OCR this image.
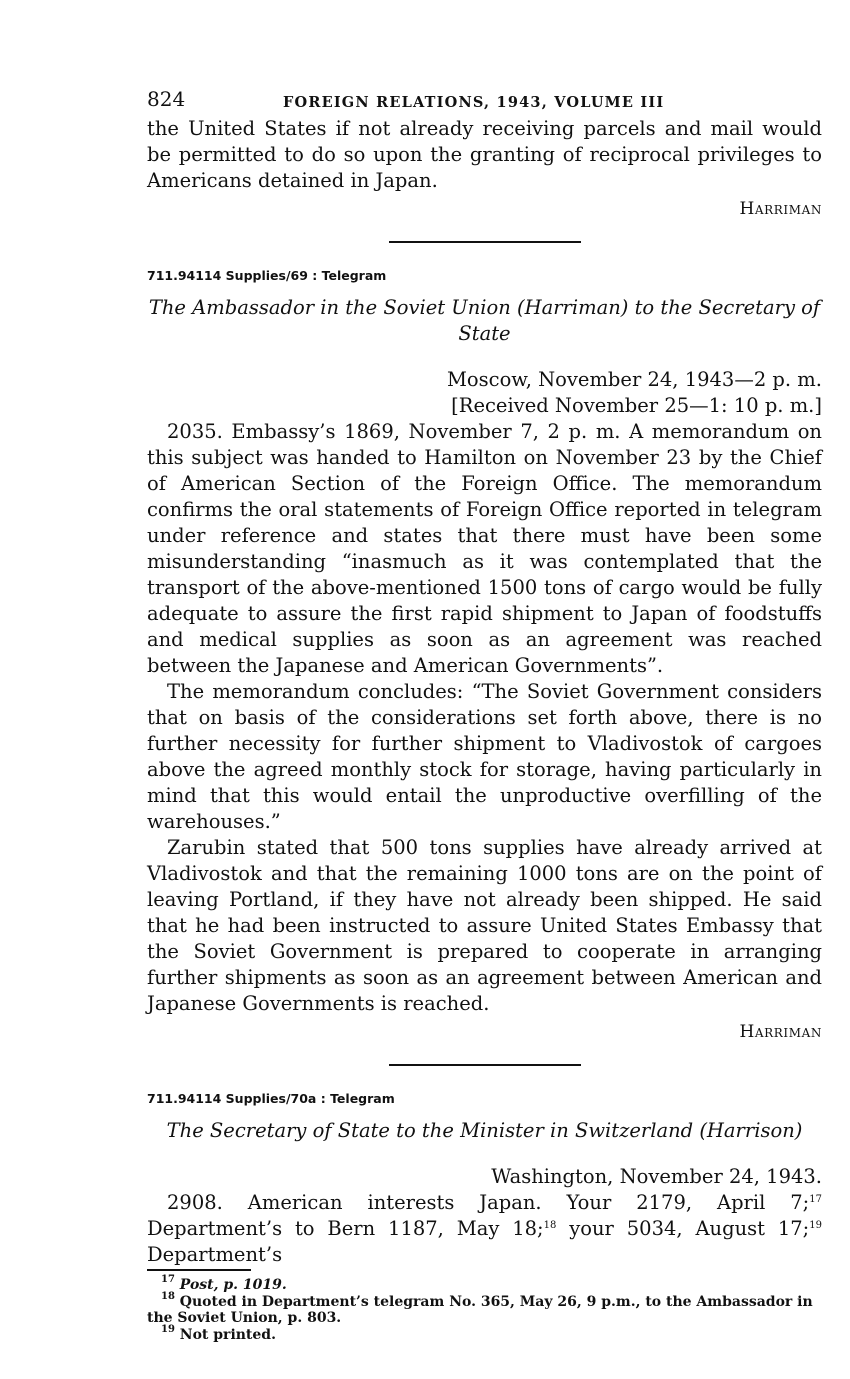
824	FOREIGN RELATIONS, 1943, VOLUME III

the United States if not already receiving parcels and mail would be permitted to do so upon the granting of reciprocal privileges to Americans detained in Japan.

Harriman
711.94114 Supplies/69 : Telegram
The Ambassador in the Soviet Union (Harriman) to the Secretary of State
Moscow, November 24, 1943—2 p. m.
[Received November 25—1: 10 p. m.]

2035. Embassy’s 1869, November 7, 2 p. m. A memorandum on this subject was handed to Hamilton on November 23 by the Chief of American Section of the Foreign Office. The memorandum confirms the oral statements of Foreign Office reported in telegram under reference and states that there must have been some misunderstanding “inasmuch as it was contemplated that the transport of the above-mentioned 1500 tons of cargo would be fully adequate to assure the first rapid shipment to Japan of foodstuffs and medical supplies as soon as an agreement was reached between the Japanese and American Governments”.

The memorandum concludes: “The Soviet Government considers that on basis of the considerations set forth above, there is no further necessity for further shipment to Vladivostok of cargoes above the agreed monthly stock for storage, having particularly in mind that this would entail the unproductive overfilling of the warehouses.”

Zarubin stated that 500 tons supplies have already arrived at Vladivostok and that the remaining 1000 tons are on the point of leaving Portland, if they have not already been shipped. He said that he had been instructed to assure United States Embassy that the Soviet Government is prepared to cooperate in arranging further shipments as soon as an agreement between American and Japanese Governments is reached.

Harriman
711.94114 Supplies/70a : Telegram
The Secretary of State to the Minister in Switzerland (Harrison)
Washington, November 24, 1943.

2908. American interests Japan. Your 2179, April 7;$^{17}$ Department’s to Bern 1187, May 18;$^{18}$ your 5034, August 17;$^{19}$ Department’s

$^{17}$ Post, p. 1019.
$^{18}$ Quoted in Department’s telegram No. 365, May 26, 9 p.m., to the Ambassador in the Soviet Union, p. 803.
$^{19}$ Not printed.
